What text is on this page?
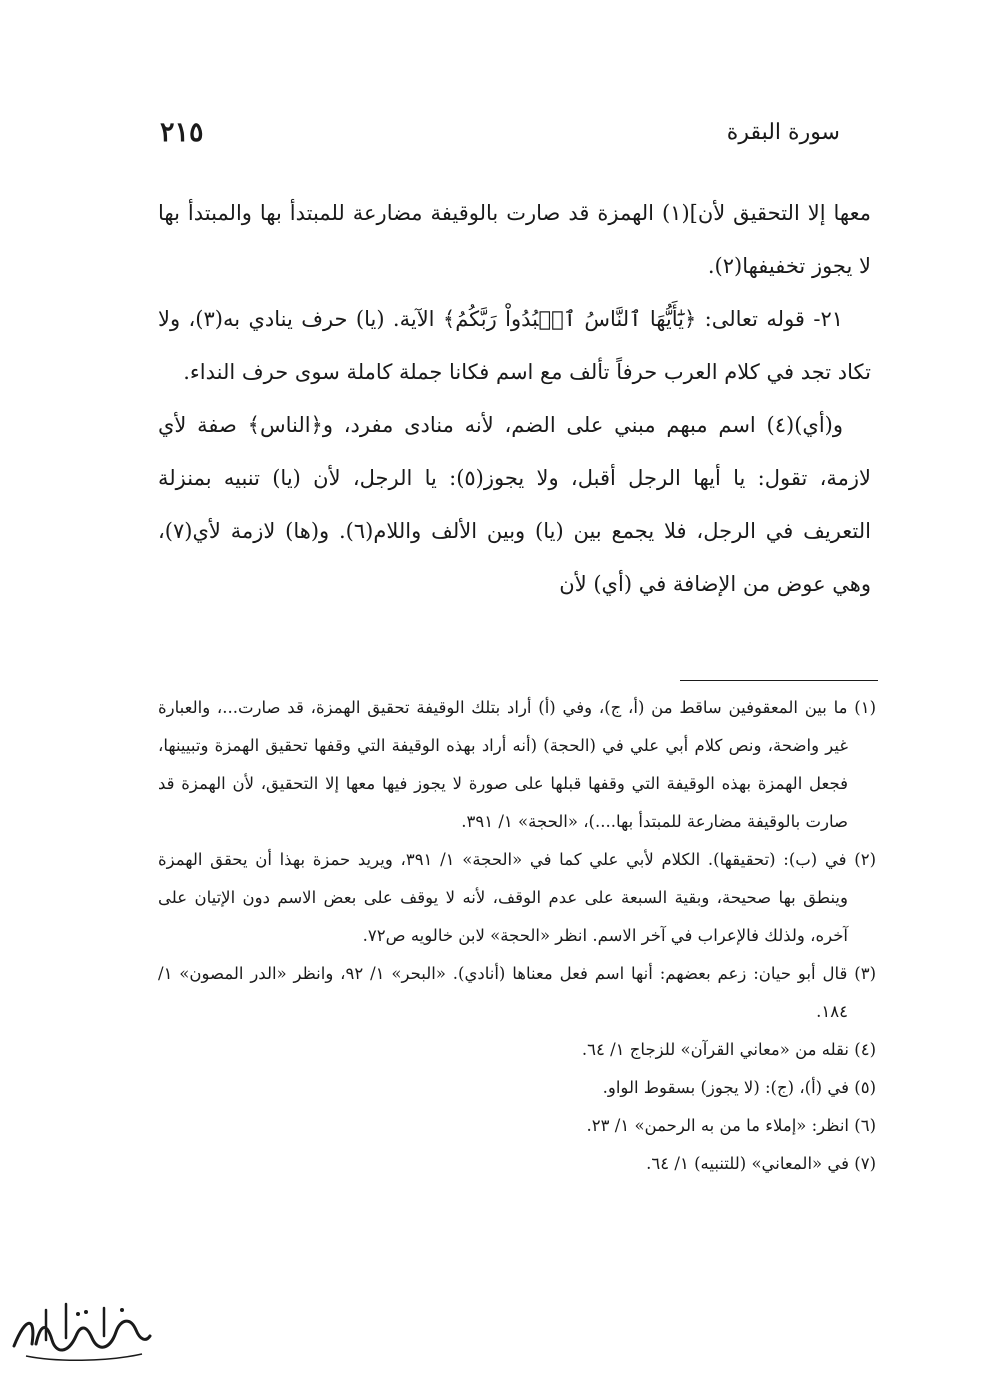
٢١٥	سورة البقرة

معها إلا التحقيق لأن](١) الهمزة قد صارت بالوقيفة مضارعة للمبتدأ بها والمبتدأ بها لا يجوز تخفيفها(٢).

٢١- قوله تعالى: ﴿يَٰٓأَيُّهَا ٱلنَّاسُ ٱعۡبُدُواْ رَبَّكُمُ﴾ الآية. (يا) حرف ينادي به(٣)، ولا تكاد تجد في كلام العرب حرفاً تألف مع اسم فكانا جملة كاملة سوى حرف النداء.

و(أي)(٤) اسم مبهم مبني على الضم، لأنه منادى مفرد، و﴿الناس﴾ صفة لأي لازمة، تقول: يا أيها الرجل أقبل، ولا يجوز(٥): يا الرجل، لأن (يا) تنبيه بمنزلة التعريف في الرجل، فلا يجمع بين (يا) وبين الألف واللام(٦). و(ها) لازمة لأي(٧)، وهي عوض من الإضافة في (أي) لأن

(١) ما بين المعقوفين ساقط من (أ، ج)، وفي (أ) أراد بتلك الوقيفة تحقيق الهمزة، قد صارت...، والعبارة غير واضحة، ونص كلام أبي علي في (الحجة) (أنه أراد بهذه الوقيفة التي وقفها تحقيق الهمزة وتبيينها، فجعل الهمزة بهذه الوقيفة التي وقفها قبلها على صورة لا يجوز فيها معها إلا التحقيق، لأن الهمزة قد صارت بالوقيفة مضارعة للمبتدأ بها....)، «الحجة» ١/ ٣٩١.

(٢) في (ب): (تحقيقها). الكلام لأبي علي كما في «الحجة» ١/ ٣٩١، ويريد حمزة بهذا أن يحقق الهمزة وينطق بها صحيحة، وبقية السبعة على عدم الوقف، لأنه لا يوقف على بعض الاسم دون الإتيان على آخره، ولذلك فالإعراب في آخر الاسم. انظر «الحجة» لابن خالويه ص٧٢.

(٣) قال أبو حيان: زعم بعضهم: أنها اسم فعل معناها (أنادي). «البحر» ١/ ٩٢، وانظر «الدر المصون» ١/ ١٨٤.

(٤) نقله من «معاني القرآن» للزجاج ١/ ٦٤.

(٥) في (أ)، (ج): (لا يجوز) بسقوط الواو.

(٦) انظر: «إملاء ما من به الرحمن» ١/ ٢٣.

(٧) في «المعاني» (للتنبيه) ١/ ٦٤.
